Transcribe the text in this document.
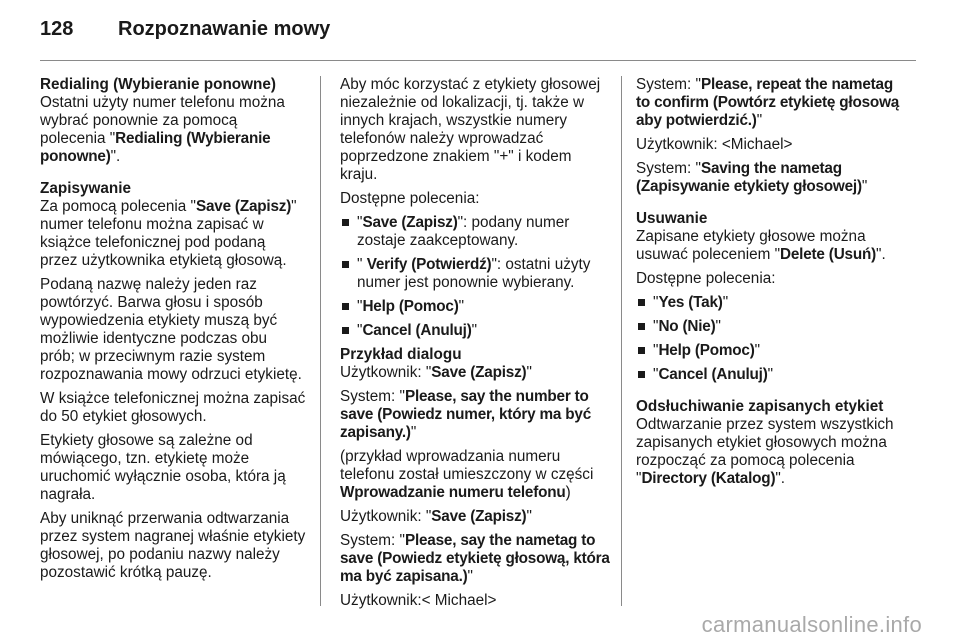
128 Rozpoznawanie mowy

Redialing (Wybieranie ponowne)

Ostatni użyty numer telefonu można wybrać ponownie za pomocą polecenia "Redialing (Wybieranie ponowne)".

Zapisywanie

Za pomocą polecenia "Save (Zapisz)" numer telefonu można zapisać w książce telefonicznej pod podaną przez użytkownika etykietą głosową.

Podaną nazwę należy jeden raz powtórzyć. Barwa głosu i sposób wypowiedzenia etykiety muszą być możliwie identyczne podczas obu prób; w przeciwnym razie system rozpoznawania mowy odrzuci etykietę.

W książce telefonicznej można zapisać do 50 etykiet głosowych.

Etykiety głosowe są zależne od mówiącego, tzn. etykietę może uruchomić wyłącznie osoba, która ją nagrała.

Aby uniknąć przerwania odtwarzania przez system nagranej właśnie etykiety głosowej, po podaniu nazwy należy pozostawić krótką pauzę.

Aby móc korzystać z etykiety głosowej niezależnie od lokalizacji, tj. także w innych krajach, wszystkie numery telefonów należy wprowadzać poprzedzone znakiem "+" i kodem kraju.

Dostępne polecenia:

"Save (Zapisz)": podany numer zostaje zaakceptowany.
" Verify (Potwierdź)": ostatni użyty numer jest ponownie wybierany.
"Help (Pomoc)"
"Cancel (Anuluj)"

Przykład dialogu

Użytkownik: "Save (Zapisz)"

System: "Please, say the number to save (Powiedz numer, który ma być zapisany.)"

(przykład wprowadzania numeru telefonu został umieszczony w części Wprowadzanie numeru telefonu)

Użytkownik: "Save (Zapisz)"

System: "Please, say the nametag to save (Powiedz etykietę głosową, która ma być zapisana.)"

Użytkownik:< Michael>

System: "Please, repeat the nametag to confirm (Powtórz etykietę głosową aby potwierdzić.)"

Użytkownik: <Michael>

System: "Saving the nametag (Zapisywanie etykiety głosowej)"

Usuwanie

Zapisane etykiety głosowe można usuwać poleceniem "Delete (Usuń)".

Dostępne polecenia:

"Yes (Tak)"
"No (Nie)"
"Help (Pomoc)"
"Cancel (Anuluj)"

Odsłuchiwanie zapisanych etykiet

Odtwarzanie przez system wszystkich zapisanych etykiet głosowych można rozpocząć za pomocą polecenia "Directory (Katalog)".

carmanualsonline.info
